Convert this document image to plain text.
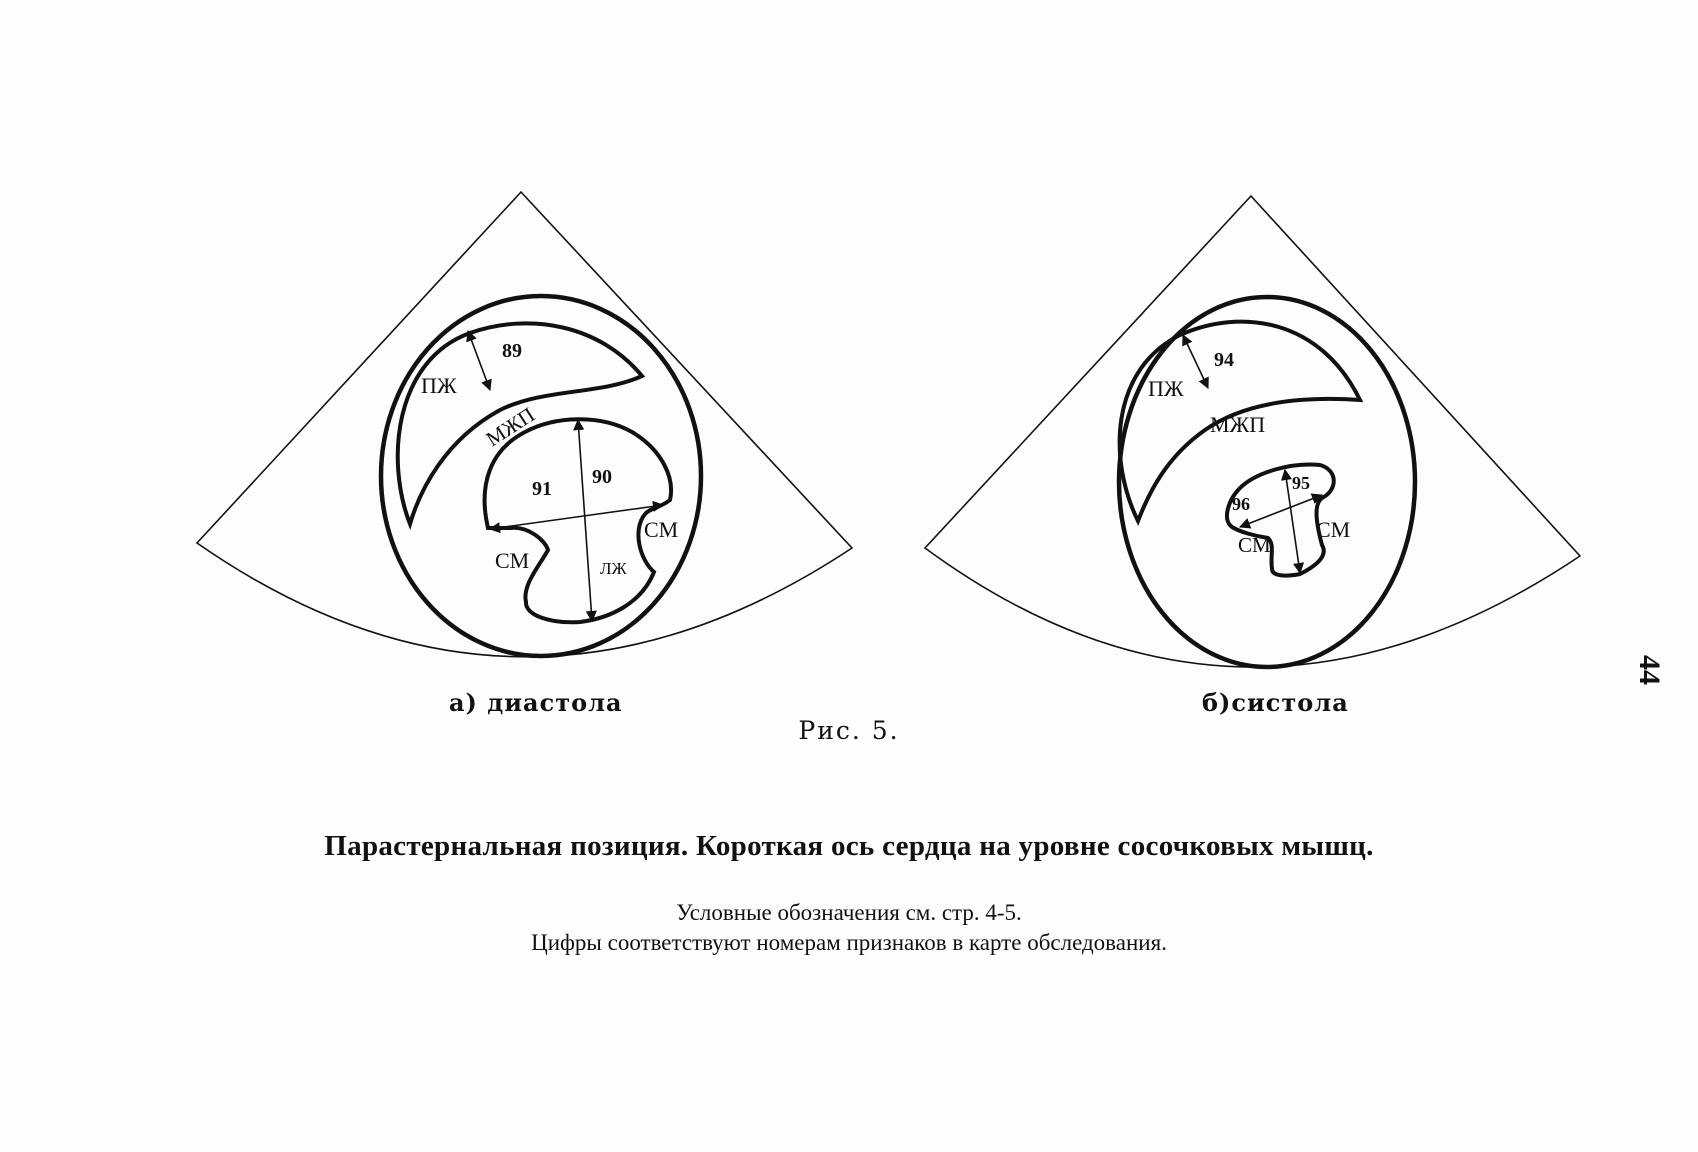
ПЖ
МЖП
89
90
91
СМ
СМ
ЛЖ
ПЖ
МЖП
94
95
96
СМ
СМ
а) диастола	б)систола
Рис. 5.
Парастернальная позиция. Короткая ось сердца на уровне сосочковых мышц.
Условные обозначения см. стр. 4-5.
Цифры соответствуют номерам признаков в карте обследования.
44
